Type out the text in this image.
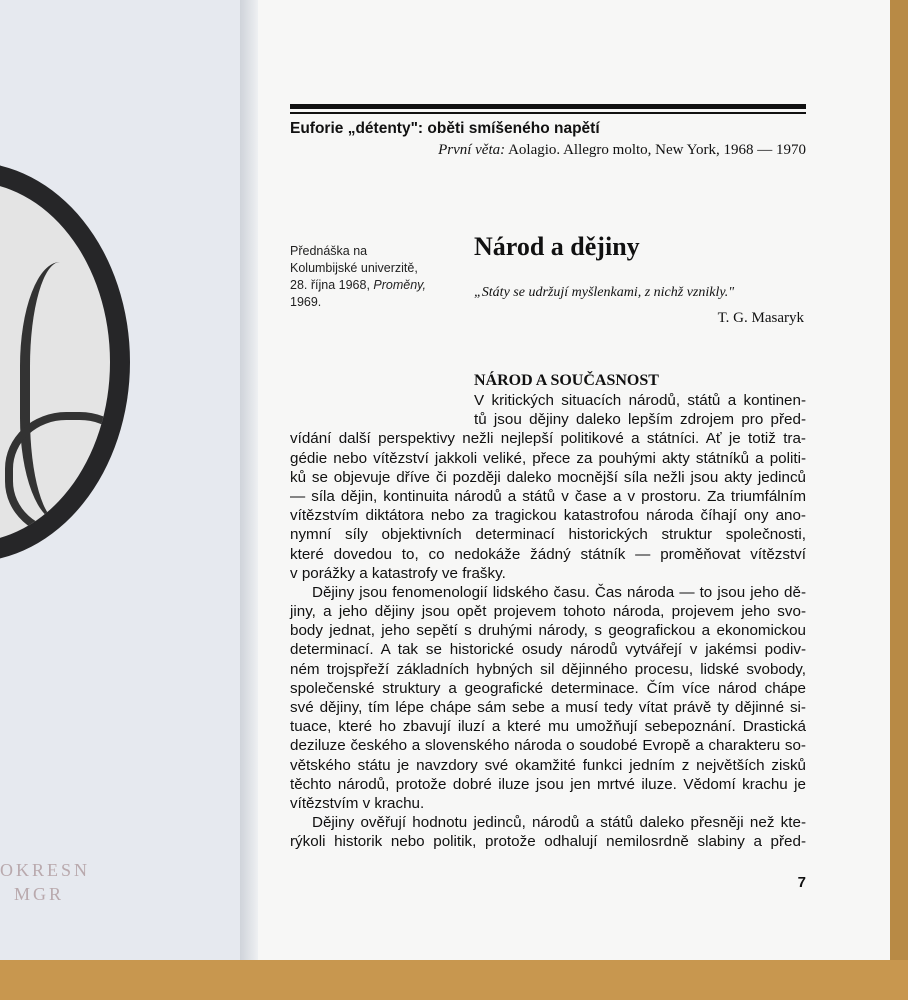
OKRESN
MGR
Euforie „détenty": oběti smíšeného napětí
První věta: Aolagio. Allegro molto, New York, 1968 — 1970
Přednáška na
Kolumbijské univerzitě,
28. října 1968, Proměny,
1969.
Národ a dějiny
„Státy se udržují myšlenkami, z nichž vznikly."
T. G. Masaryk
NÁROD A SOUČASNOST
V kritických situacích národů, států a kontinen-
tů jsou dějiny daleko lepším zdrojem pro před-
vídání další perspektivy nežli nejlepší politikové a státníci. Ať je totiž tra-
gédie nebo vítězství jakkoli veliké, přece za pouhými akty státníků a politi-
ků se objevuje dříve či později daleko mocnější síla nežli jsou akty jedinců
— síla dějin, kontinuita národů a států v čase a v prostoru. Za triumfálním
vítězstvím diktátora nebo za tragickou katastrofou národa číhají ony ano-
nymní síly objektivních determinací historických struktur společnosti,
které dovedou to, co nedokáže žádný státník — proměňovat vítězství
v porážky a katastrofy ve frašky.
Dějiny jsou fenomenologií lidského času. Čas národa — to jsou jeho dě-
jiny, a jeho dějiny jsou opět projevem tohoto národa, projevem jeho svo-
body jednat, jeho sepětí s druhými národy, s geografickou a ekonomickou
determinací. A tak se historické osudy národů vytvářejí v jakémsi podiv-
ném trojspřeží základních hybných sil dějinného procesu, lidské svobody,
společenské struktury a geografické determinace. Čím více národ chápe
své dějiny, tím lépe chápe sám sebe a musí tedy vítat právě ty dějinné si-
tuace, které ho zbavují iluzí a které mu umožňují sebepoznání. Drastická
deziluze českého a slovenského národa o soudobé Evropě a charakteru so-
větského státu je navzdory své okamžité funkci jedním z největších zisků
těchto národů, protože dobré iluze jsou jen mrtvé iluze. Vědomí krachu je
vítězstvím v krachu.
Dějiny ověřují hodnotu jedinců, národů a států daleko přesněji než kte-
rýkoli historik nebo politik, protože odhalují nemilosrdně slabiny a před-
7
